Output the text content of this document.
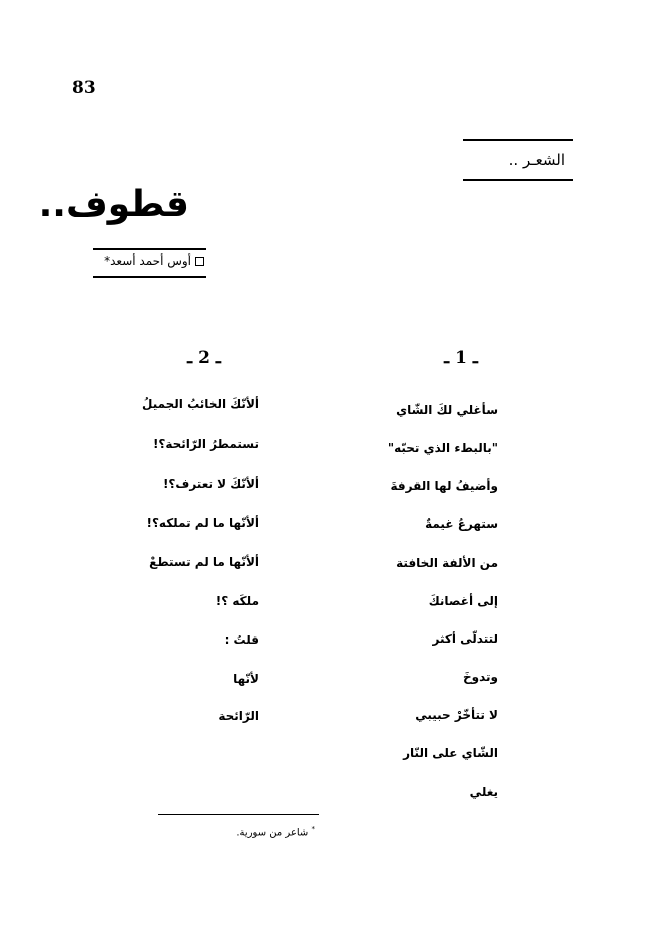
83
الشعـر ..
قطوف..
أوس أحمد أسعد*
ـ 1 ـ
ـ 2 ـ
سأغلي لكَ الشّاي
"بالبطء الذي تحبّه"
وأضيفُ لها القرفةَ
ستهرعُ غيمةٌ
من الألفة الخافتة
إلى أغصانكَ
لتتدلّى أكثر
وتدوخَ
لا تتأخّرْ حبيبي
الشّاي على النّار
يغلي
ألأنّكَ الخائبُ الجميلُ
تستمطرُ الرّائحة؟!
ألأنّكَ لا تعترف؟!
ألأنّها ما لم تملكه؟!
ألأنّها ما لم تستطعْ
ملكَه ؟!
قلتُ :
لأنّها
الرّائحة
* شاعر من سورية.
